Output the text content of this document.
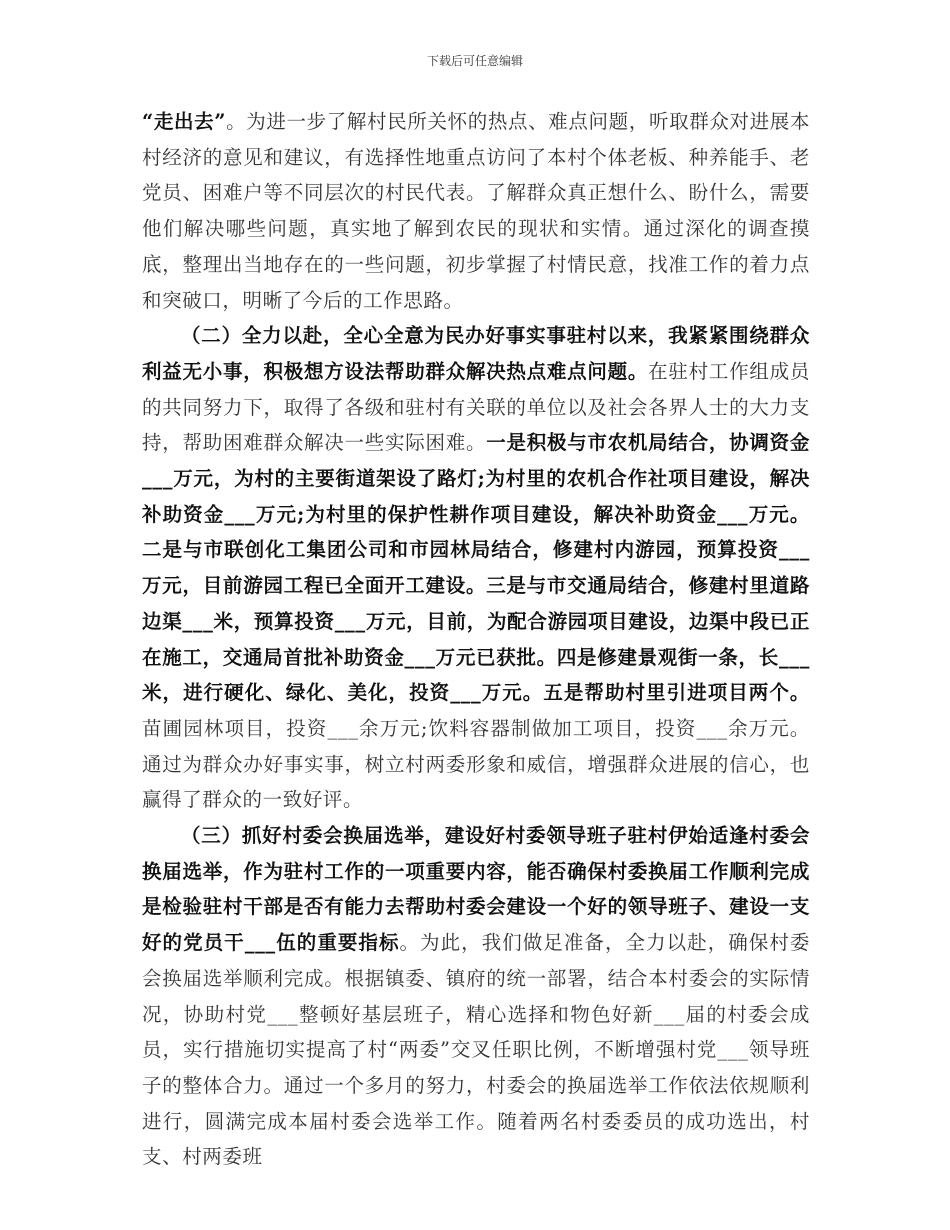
下载后可任意编辑

“走出去”。为进一步了解村民所关怀的热点、难点问题，听取群众对进展本村经济的意见和建议，有选择性地重点访问了本村个体老板、种养能手、老党员、困难户等不同层次的村民代表。了解群众真正想什么、盼什么，需要他们解决哪些问题，真实地了解到农民的现状和实情。通过深化的调查摸底，整理出当地存在的一些问题，初步掌握了村情民意，找准工作的着力点和突破口，明晰了今后的工作思路。

（二）全力以赴，全心全意为民办好事实事驻村以来，我紧紧围绕群众利益无小事，积极想方设法帮助群众解决热点难点问题。在驻村工作组成员的共同努力下，取得了各级和驻村有关联的单位以及社会各界人士的大力支持，帮助困难群众解决一些实际困难。一是积极与市农机局结合，协调资金___万元，为村的主要街道架设了路灯;为村里的农机合作社项目建设，解决补助资金___万元;为村里的保护性耕作项目建设，解决补助资金___万元。二是与市联创化工集团公司和市园林局结合，修建村内游园，预算投资___万元，目前游园工程已全面开工建设。三是与市交通局结合，修建村里道路边渠___米，预算投资___万元，目前，为配合游园项目建设，边渠中段已正在施工，交通局首批补助资金___万元已获批。四是修建景观街一条，长___米，进行硬化、绿化、美化，投资___万元。五是帮助村里引进项目两个。苗圃园林项目，投资___余万元;饮料容器制做加工项目，投资___余万元。通过为群众办好事实事，树立村两委形象和威信，增强群众进展的信心，也赢得了群众的一致好评。

（三）抓好村委会换届选举，建设好村委领导班子驻村伊始适逢村委会换届选举，作为驻村工作的一项重要内容，能否确保村委换届工作顺利完成是检验驻村干部是否有能力去帮助村委会建设一个好的领导班子、建设一支好的党员干___伍的重要指标。为此，我们做足准备，全力以赴，确保村委会换届选举顺利完成。根据镇委、镇府的统一部署，结合本村委会的实际情况，协助村党___整顿好基层班子，精心选择和物色好新___届的村委会成员，实行措施切实提高了村“两委”交叉任职比例，不断增强村党___领导班子的整体合力。通过一个多月的努力，村委会的换届选举工作依法依规顺利进行，圆满完成本届村委会选举工作。随着两名村委委员的成功选出，村支、村两委班
